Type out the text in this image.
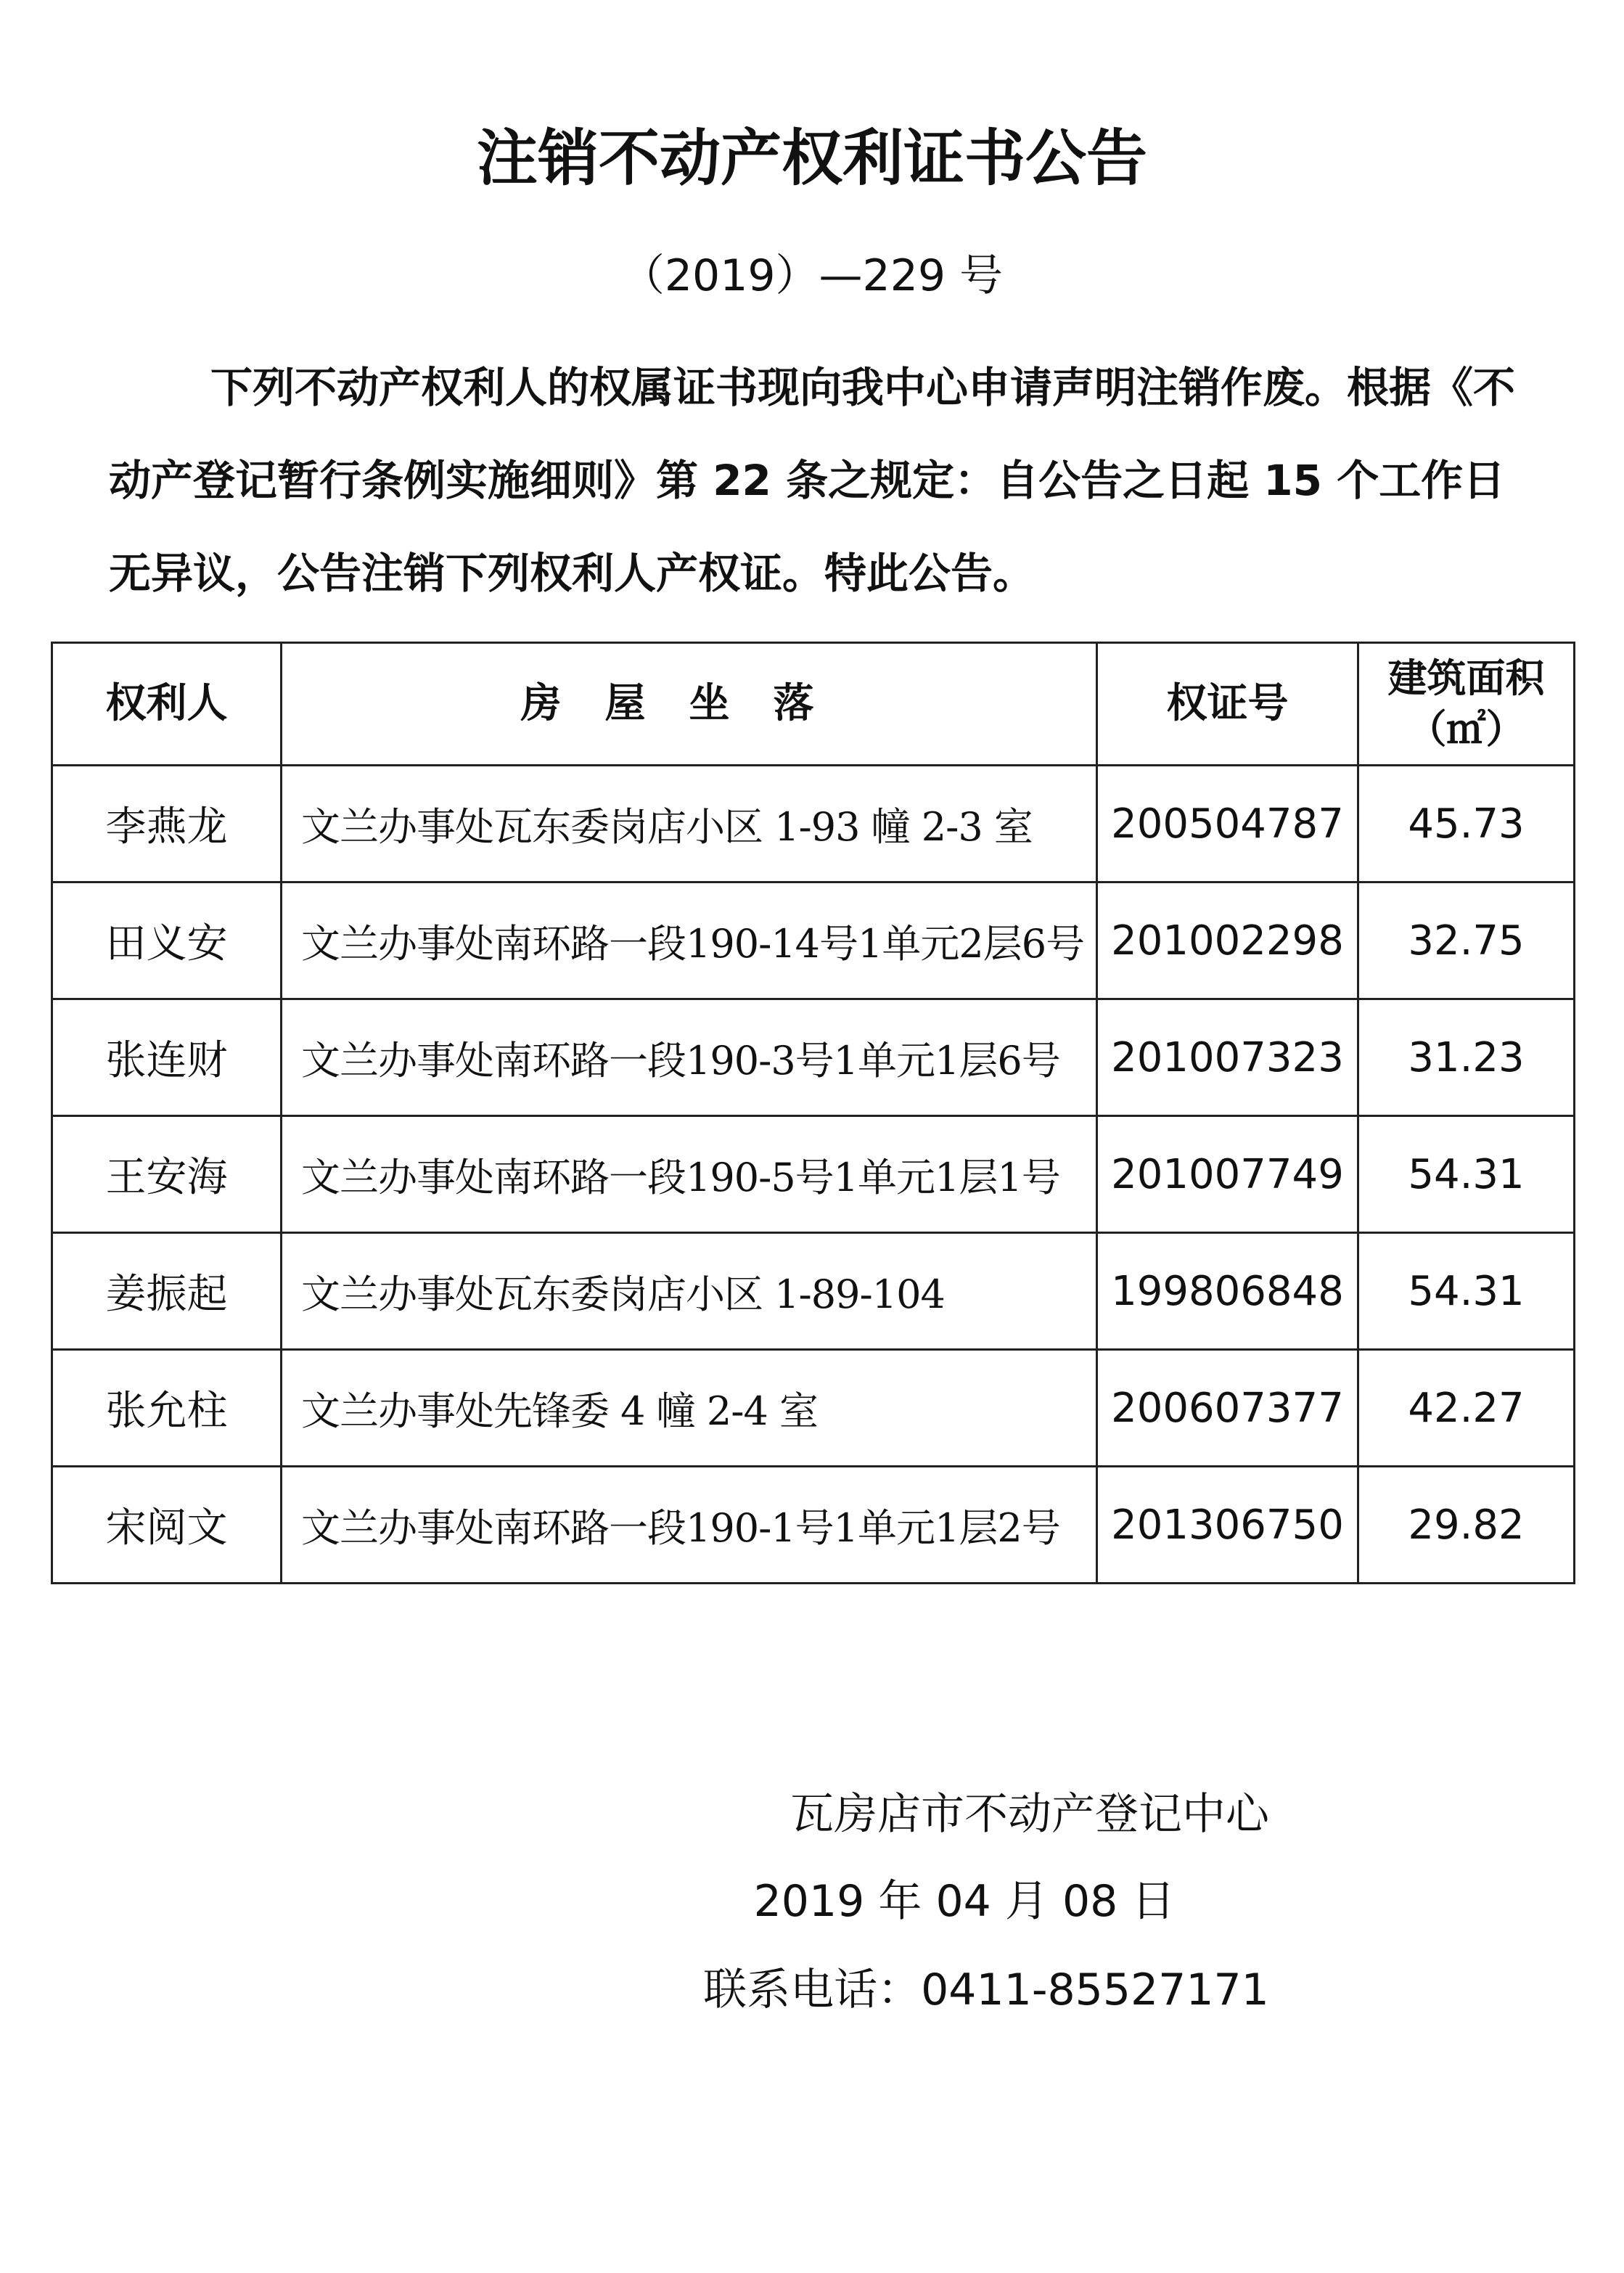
注销不动产权利证书公告
（2019）—229 号
下列不动产权利人的权属证书现向我中心申请声明注销作废。根据《不动产登记暂行条例实施细则》第 22 条之规定：自公告之日起 15 个工作日无异议，公告注销下列权利人产权证。特此公告。
权利人	房屋坐落	权证号	建筑面积
（㎡）

李燕龙	文兰办事处瓦东委岗店小区 1-93 幢 2-3 室	200504787	45.73
田义安	文兰办事处南环路一段190-14号1单元2层6号	201002298	32.75
张连财	文兰办事处南环路一段190-3号1单元1层6号	201007323	31.23
王安海	文兰办事处南环路一段190-5号1单元1层1号	201007749	54.31
姜振起	文兰办事处瓦东委岗店小区 1-89-104	199806848	54.31
张允柱	文兰办事处先锋委 4 幢 2-4 室	200607377	42.27
宋阅文	文兰办事处南环路一段190-1号1单元1层2号	201306750	29.82
瓦房店市不动产登记中心
2019 年 04 月 08 日
联系电话：0411-85527171
